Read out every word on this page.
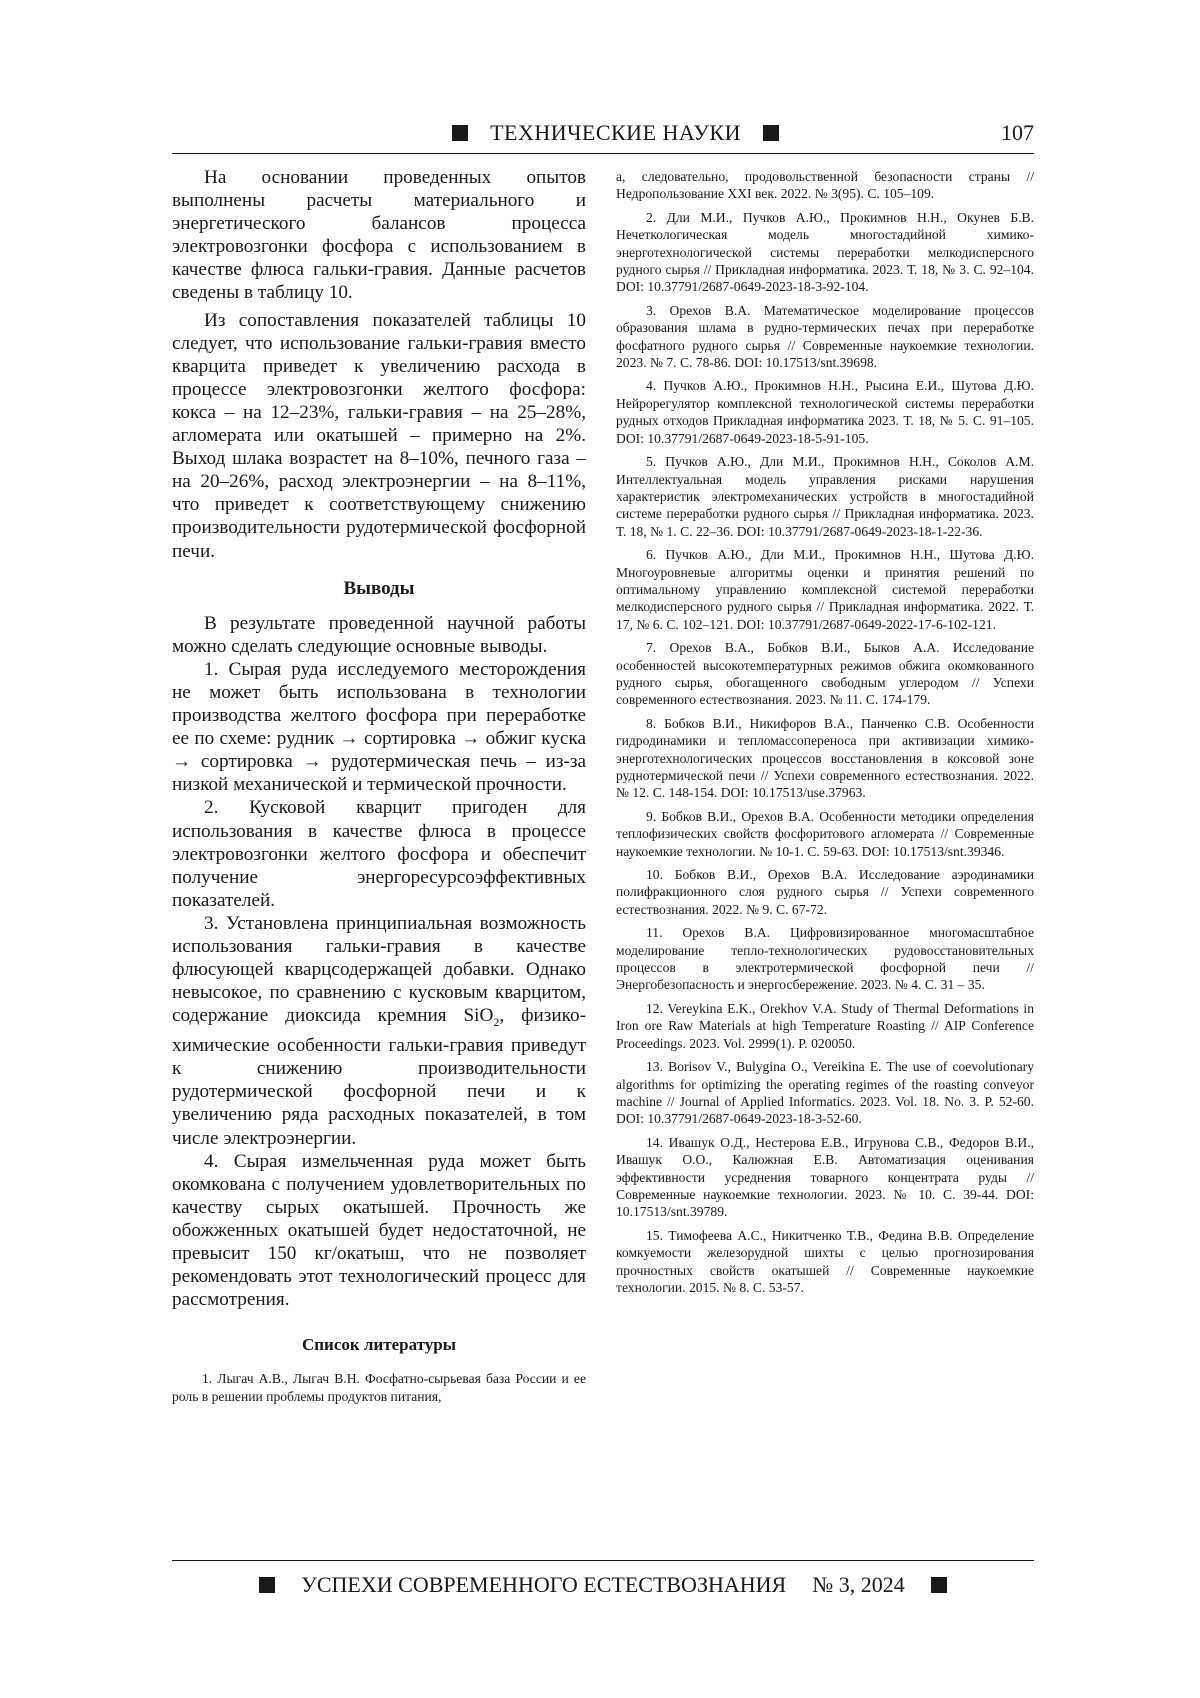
ТЕХНИЧЕСКИЕ НАУКИ	107

На основании проведенных опытов выполнены расчеты материального и энергетического балансов процесса электровозгонки фосфора с использованием в качестве флюса гальки-гравия. Данные расчетов сведены в таблицу 10.

Из сопоставления показателей таблицы 10 следует, что использование гальки-гравия вместо кварцита приведет к увеличению расхода в процессе электровозгонки желтого фосфора: кокса – на 12–23%, гальки-гравия – на 25–28%, агломерата или окатышей – примерно на 2%. Выход шлака возрастет на 8–10%, печного газа – на 20–26%, расход электроэнергии – на 8–11%, что приведет к соответствующему снижению производительности рудотермической фосфорной печи.

Выводы

В результате проведенной научной работы можно сделать следующие основные выводы.

1. Сырая руда исследуемого месторождения не может быть использована в технологии производства желтого фосфора при переработке ее по схеме: рудник → сортировка → обжиг куска → сортировка → рудотермическая печь – из-за низкой механической и термической прочности.

2. Кусковой кварцит пригоден для использования в качестве флюса в процессе электровозгонки желтого фосфора и обеспечит получение энергоресурсоэффективных показателей.

3. Установлена принципиальная возможность использования гальки-гравия в качестве флюсующей кварцсодержащей добавки. Однако невысокое, по сравнению с кусковым кварцитом, содержание диоксида кремния SiO2, физико-химические особенности гальки-гравия приведут к снижению производительности рудотермической фосфорной печи и к увеличению ряда расходных показателей, в том числе электроэнергии.

4. Сырая измельченная руда может быть окомкована с получением удовлетворительных по качеству сырых окатышей. Прочность же обожженных окатышей будет недостаточной, не превысит 150 кг/окатыш, что не позволяет рекомендовать этот технологический процесс для рассмотрения.

Список литературы
1. Лыгач А.В., Лыгач В.Н. Фосфатно-сырьевая база России и ее роль в решении проблемы продуктов питания,

а, следовательно, продовольственной безопасности страны // Недропользование XXI век. 2022. № 3(95). С. 105–109.

2. Дли М.И., Пучков А.Ю., Прокимнов Н.Н., Окунев Б.В. Нечеткологическая модель многостадийной химико-энерготехнологической системы переработки мелкодисперсного рудного сырья // Прикладная информатика. 2023. Т. 18, № 3. С. 92–104. DOI: 10.37791/2687-0649-2023-18-3-92-104.

3. Орехов В.А. Математическое моделирование процессов образования шлама в рудно-термических печах при переработке фосфатного рудного сырья // Современные наукоемкие технологии. 2023. № 7. С. 78-86. DOI: 10.17513/snt.39698.

4. Пучков А.Ю., Прокимнов Н.Н., Рысина Е.И., Шутова Д.Ю. Нейрорегулятор комплексной технологической системы переработки рудных отходов Прикладная информатика 2023. Т. 18, № 5. С. 91–105. DOI: 10.37791/2687-0649-2023-18-5-91-105.

5. Пучков А.Ю., Дли М.И., Прокимнов Н.Н., Соколов А.М. Интеллектуальная модель управления рисками нарушения характеристик электромеханических устройств в многостадийной системе переработки рудного сырья // Прикладная информатика. 2023. Т. 18, № 1. С. 22–36. DOI: 10.37791/2687-0649-2023-18-1-22-36.

6. Пучков А.Ю., Дли М.И., Прокимнов Н.Н., Шутова Д.Ю. Многоуровневые алгоритмы оценки и принятия решений по оптимальному управлению комплексной системой переработки мелкодисперсного рудного сырья // Прикладная информатика. 2022. Т. 17, № 6. С. 102–121. DOI: 10.37791/2687-0649-2022-17-6-102-121.

7. Орехов В.А., Бобков В.И., Быков А.А. Исследование особенностей высокотемпературных режимов обжига окомкованного рудного сырья, обогащенного свободным углеродом // Успехи современного естествознания. 2023. № 11. С. 174-179.

8. Бобков В.И., Никифоров В.А., Панченко С.В. Особенности гидродинамики и тепломассопереноса при активизации химико-энерготехнологических процессов восстановления в коксовой зоне руднотермической печи // Успехи современного естествознания. 2022. № 12. С. 148-154. DOI: 10.17513/use.37963.

9. Бобков В.И., Орехов В.А. Особенности методики определения теплофизических свойств фосфоритового агломерата // Современные наукоемкие технологии. № 10-1. С. 59-63. DOI: 10.17513/snt.39346.

10. Бобков В.И., Орехов В.А. Исследование аэродинамики полифракционного слоя рудного сырья // Успехи современного естествознания. 2022. № 9. С. 67-72.

11. Орехов В.А. Цифровизированное многомасштабное моделирование тепло-технологических рудовосстановительных процессов в электротермической фосфорной печи // Энергобезопасность и энергосбережение. 2023. № 4. С. 31 – 35.

12. Vereykina E.K., Orekhov V.A. Study of Thermal Deformations in Iron ore Raw Materials at high Temperature Roasting // AIP Conference Proceedings. 2023. Vol. 2999(1). P. 020050.

13. Borisov V., Bulygina O., Vereikina E. The use of coevolutionary algorithms for optimizing the operating regimes of the roasting conveyor machine // Journal of Applied Informatics. 2023. Vol. 18. No. 3. P. 52-60. DOI: 10.37791/2687-0649-2023-18-3-52-60.

14. Ивашук О.Д., Нестерова Е.В., Игрунова С.В., Федоров В.И., Ивашук О.О., Калюжная Е.В. Автоматизация оценивания эффективности усреднения товарного концентрата руды // Современные наукоемкие технологии. 2023. № 10. С. 39-44. DOI: 10.17513/snt.39789.

15. Тимофеева А.С., Никитченко Т.В., Федина В.В. Определение комкуемости железорудной шихты с целью прогнозирования прочностных свойств окатышей // Современные наукоемкие технологии. 2015. № 8. С. 53-57.

УСПЕХИ СОВРЕМЕННОГО ЕСТЕСТВОЗНАНИЯ № 3, 2024
